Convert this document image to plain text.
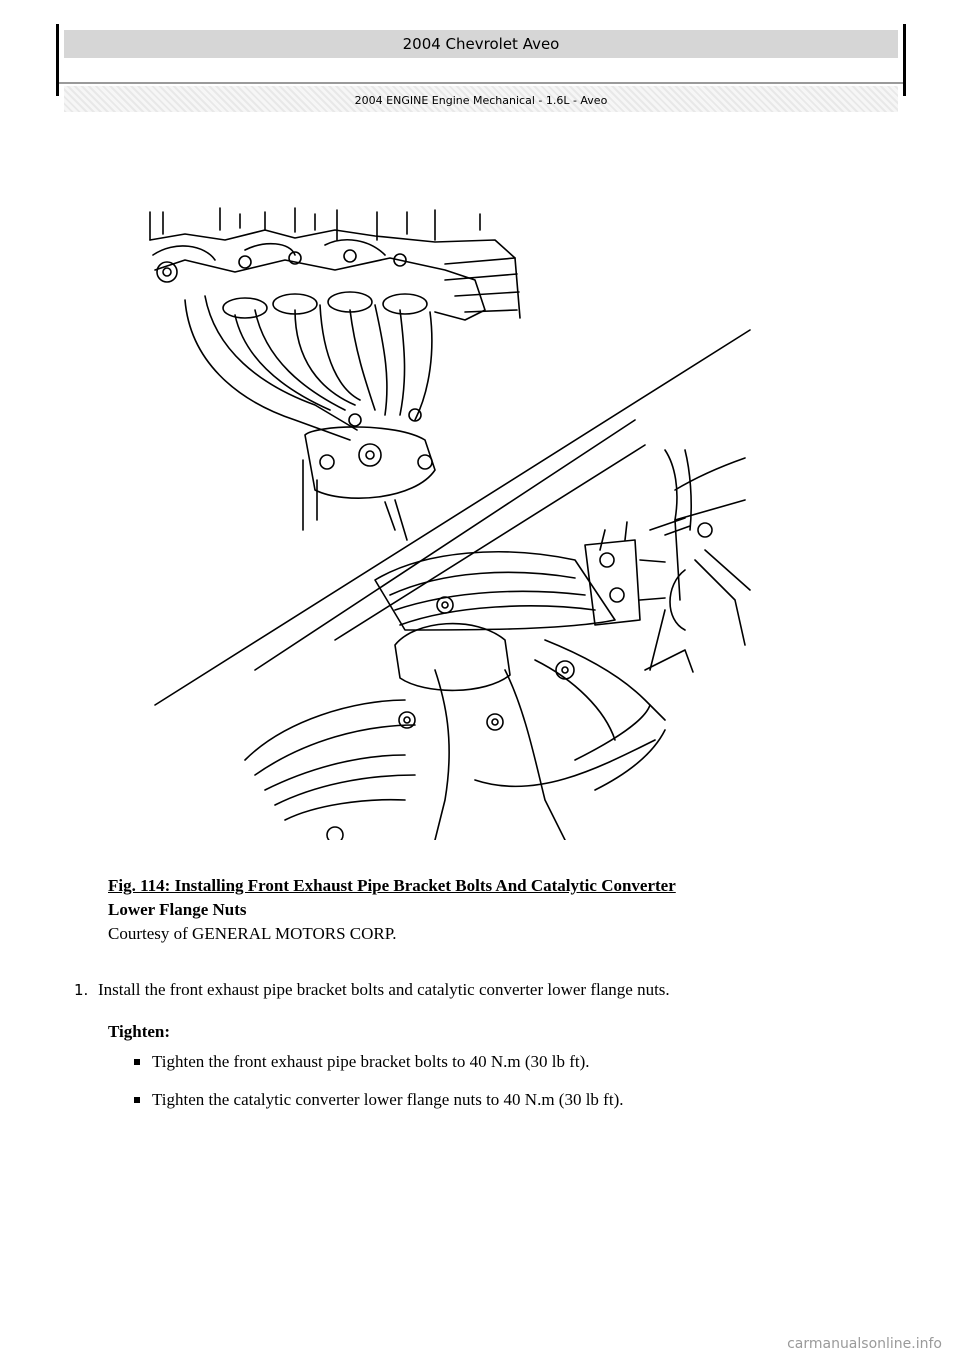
2004 Chevrolet Aveo
2004 ENGINE Engine Mechanical - 1.6L - Aveo
Fig. 114: Installing Front Exhaust Pipe Bracket Bolts And Catalytic Converter
Lower Flange Nuts
Courtesy of GENERAL MOTORS CORP.
1. Install the front exhaust pipe bracket bolts and catalytic converter lower flange nuts.
Tighten:
Tighten the front exhaust pipe bracket bolts to 40 N.m (30 lb ft).
Tighten the catalytic converter lower flange nuts to 40 N.m (30 lb ft).
carmanualsonline.info
